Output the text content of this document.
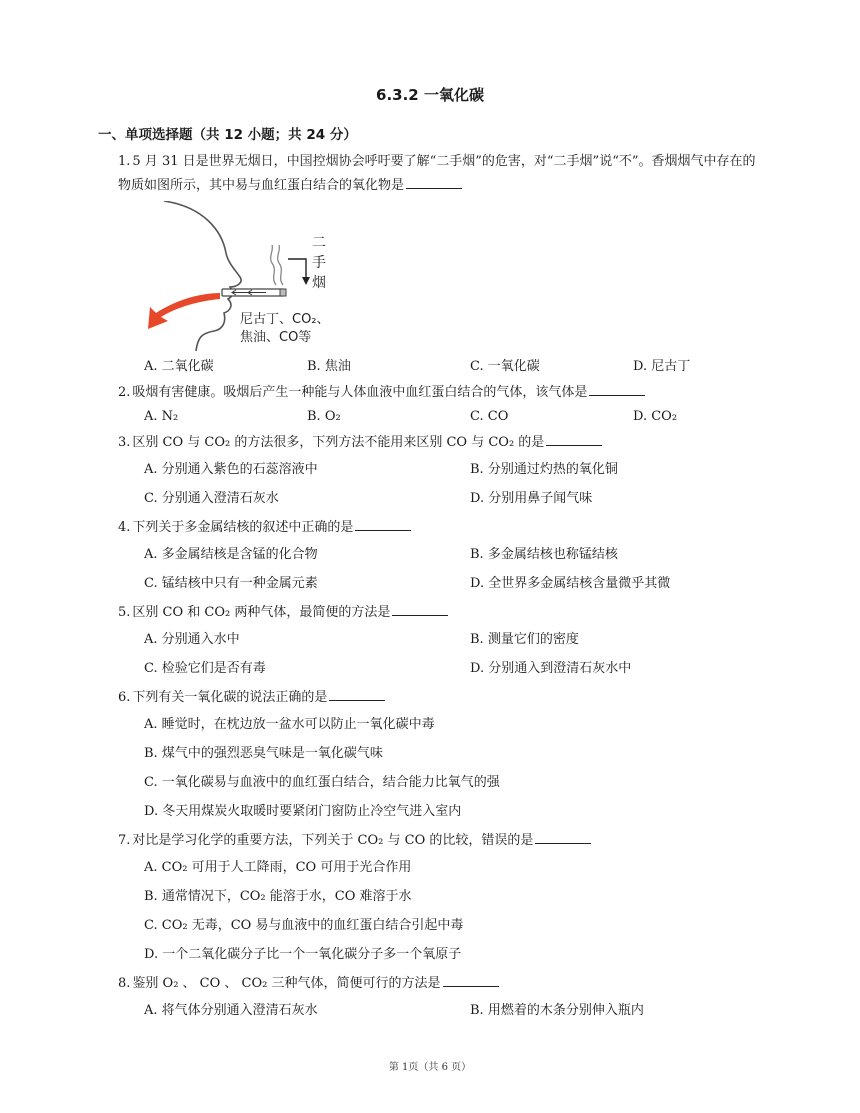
6.3.2 一氧化碳
一、单项选择题（共 12 小题；共 24 分）

1. 5 月 31 日是世界无烟日，中国控烟协会呼吁要了解“二手烟”的危害，对“二手烟”说“不”。香烟烟气中存在的物质如图所示，其中易与血红蛋白结合的氧化物是

二
手
烟
尼古丁、CO₂、
焦油、CO等
A. 二氧化碳	B. 焦油	C. 一氧化碳	D. 尼古丁

2. 吸烟有害健康。吸烟后产生一种能与人体血液中血红蛋白结合的气体，该气体是

A. N₂	B. O₂	C. CO	D. CO₂

3. 区别 CO 与 CO₂ 的方法很多，下列方法不能用来区别 CO 与 CO₂ 的是

A. 分别通入紫色的石蕊溶液中	B. 分别通过灼热的氧化铜
C. 分别通入澄清石灰水	D. 分别用鼻子闻气味

4. 下列关于多金属结核的叙述中正确的是

A. 多金属结核是含锰的化合物	B. 多金属结核也称锰结核
C. 锰结核中只有一种金属元素	D. 全世界多金属结核含量微乎其微

5. 区别 CO 和 CO₂ 两种气体，最简便的方法是

A. 分别通入水中	B. 测量它们的密度
C. 检验它们是否有毒	D. 分别通入到澄清石灰水中

6. 下列有关一氧化碳的说法正确的是

A. 睡觉时，在枕边放一盆水可以防止一氧化碳中毒
B. 煤气中的强烈恶臭气味是一氧化碳气味
C. 一氧化碳易与血液中的血红蛋白结合，结合能力比氧气的强
D. 冬天用煤炭火取暖时要紧闭门窗防止冷空气进入室内

7. 对比是学习化学的重要方法，下列关于 CO₂ 与 CO 的比较，错误的是

A. CO₂ 可用于人工降雨，CO 可用于光合作用
B. 通常情况下，CO₂ 能溶于水，CO 难溶于水
C. CO₂ 无毒，CO 易与血液中的血红蛋白结合引起中毒
D. 一个二氧化碳分子比一个一氧化碳分子多一个氧原子

8. 鉴别 O₂ 、 CO 、 CO₂ 三种气体，简便可行的方法是

A. 将气体分别通入澄清石灰水	B. 用燃着的木条分别伸入瓶内
第 1页（共 6 页）
